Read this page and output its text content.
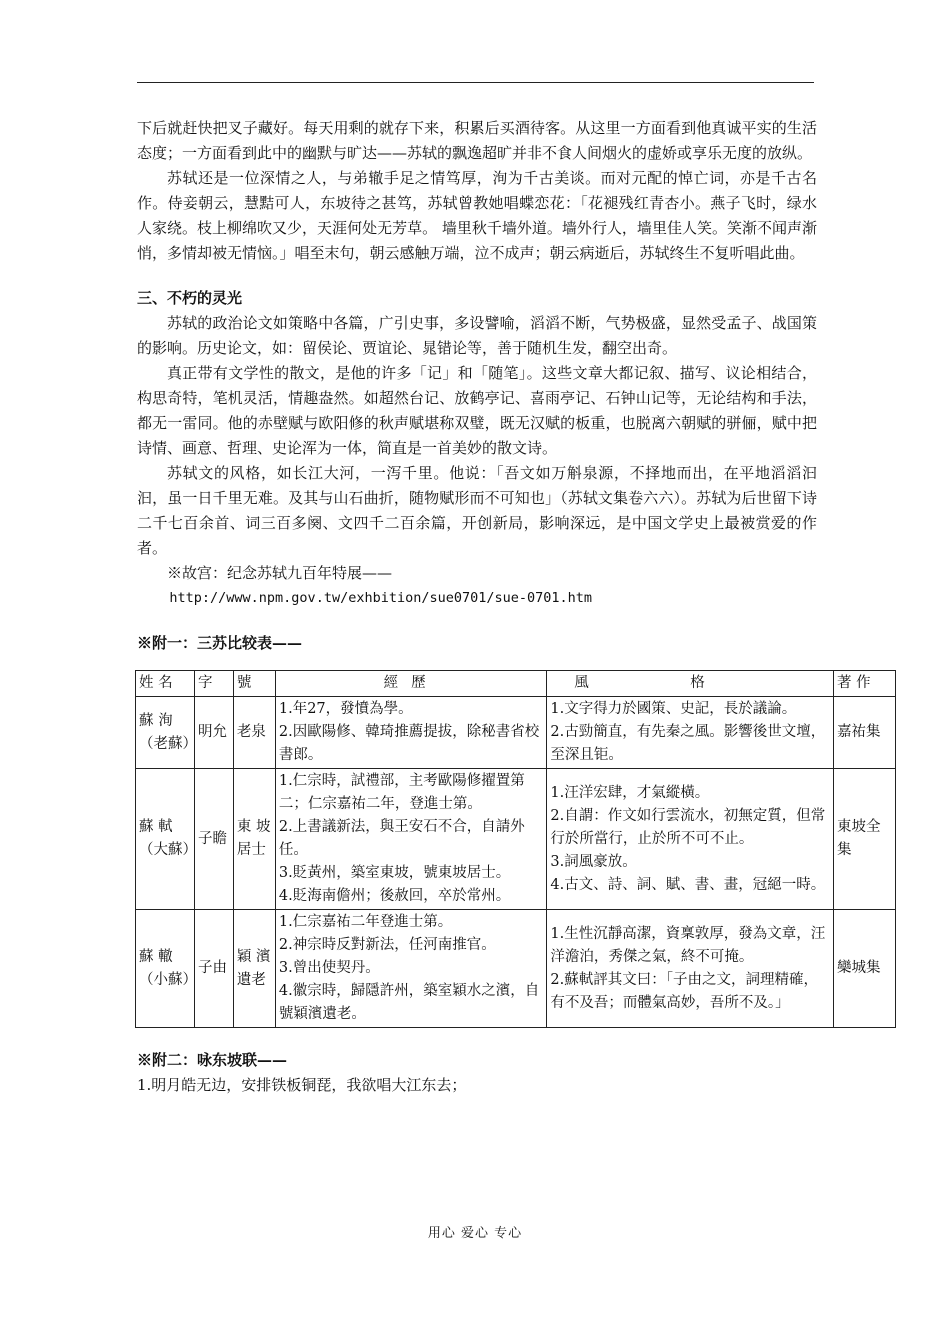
下后就赶快把叉子藏好。每天用剩的就存下来，积累后买酒待客。从这里一方面看到他真诚平实的生活态度；一方面看到此中的幽默与旷达——苏轼的飘逸超旷并非不食人间烟火的虚娇或享乐无度的放纵。

苏轼还是一位深情之人，与弟辙手足之情笃厚，洵为千古美谈。而对元配的悼亡词，亦是千古名作。侍妾朝云，慧黠可人，东坡待之甚笃，苏轼曾教她唱蝶恋花：「花褪残红青杏小。燕子飞时，绿水人家绕。枝上柳绵吹又少，天涯何处无芳草。 墙里秋千墙外道。墙外行人，墙里佳人笑。笑渐不闻声渐悄，多情却被无情恼。」唱至末句，朝云感触万端，泣不成声；朝云病逝后，苏轼终生不复听唱此曲。

三、不朽的灵光

苏轼的政治论文如策略中各篇，广引史事，多设譬喻，滔滔不断，气势极盛，显然受孟子、战国策的影响。历史论文，如：留侯论、贾谊论、晁错论等，善于随机生发，翻空出奇。

真正带有文学性的散文，是他的许多「记」和「随笔」。这些文章大都记叙、描写、议论相结合，构思奇特，笔机灵活，情趣盎然。如超然台记、放鹤亭记、喜雨亭记、石钟山记等，无论结构和手法，都无一雷同。他的赤壁赋与欧阳修的秋声赋堪称双璧，既无汉赋的板重，也脱离六朝赋的骈俪，赋中把诗情、画意、哲理、史论浑为一体，简直是一首美妙的散文诗。

苏轼文的风格，如长江大河，一泻千里。他说：「吾文如万斛泉源，不择地而出，在平地滔滔汩汩，虽一日千里无难。及其与山石曲折，随物赋形而不可知也」（苏轼文集卷六六）。苏轼为后世留下诗二千七百余首、词三百多阕、文四千二百余篇，开创新局，影响深远，是中国文学史上最被赏爱的作者。

※故宫：纪念苏轼九百年特展——

http://www.npm.gov.tw/exhbition/sue0701/sue-0701.htm

※附一：三苏比较表——

姓 名	字	號	經歷	風格	著 作

蘇 洵
（老蘇）	明允	老泉	1.年27，發憤為學。
2.因歐陽修、韓琦推薦提拔，除秘書省校書郎。	1.文字得力於國策、史記，長於議論。
2.古勁簡直，有先秦之風。影響後世文壇，至深且钜。	嘉祐集

蘇 軾
（大蘇）	子瞻	東 坡 居士	1.仁宗時，試禮部，主考歐陽修擢置第二；仁宗嘉祐二年，登進士第。
2.上書議新法，與王安石不合，自請外任。
3.貶黃州，築室東坡，號東坡居士。
4.貶海南儋州；後赦回，卒於常州。	1.汪洋宏肆，才氣縱橫。
2.自謂：作文如行雲流水，初無定質，但常行於所當行，止於所不可不止。
3.詞風豪放。
4.古文、詩、詞、賦、書、畫，冠絕一時。	東坡全集

蘇 轍
（小蘇）	子由	穎 濱 遺老	1.仁宗嘉祐二年登進士第。
2.神宗時反對新法，任河南推官。
3.曾出使契丹。
4.徽宗時，歸隱許州，築室穎水之濱，自號穎濱遺老。	1.生性沉靜高潔，資稟敦厚，發為文章，汪洋澹泊，秀傑之氣，終不可掩。
2.蘇軾評其文曰：「子由之文，詞理精確，有不及吾；而體氣高妙，吾所不及。」	欒城集

※附二：咏东坡联——

1.明月皓无边，安排铁板铜琵，我欲唱大江东去；

用心 爱心 专心
